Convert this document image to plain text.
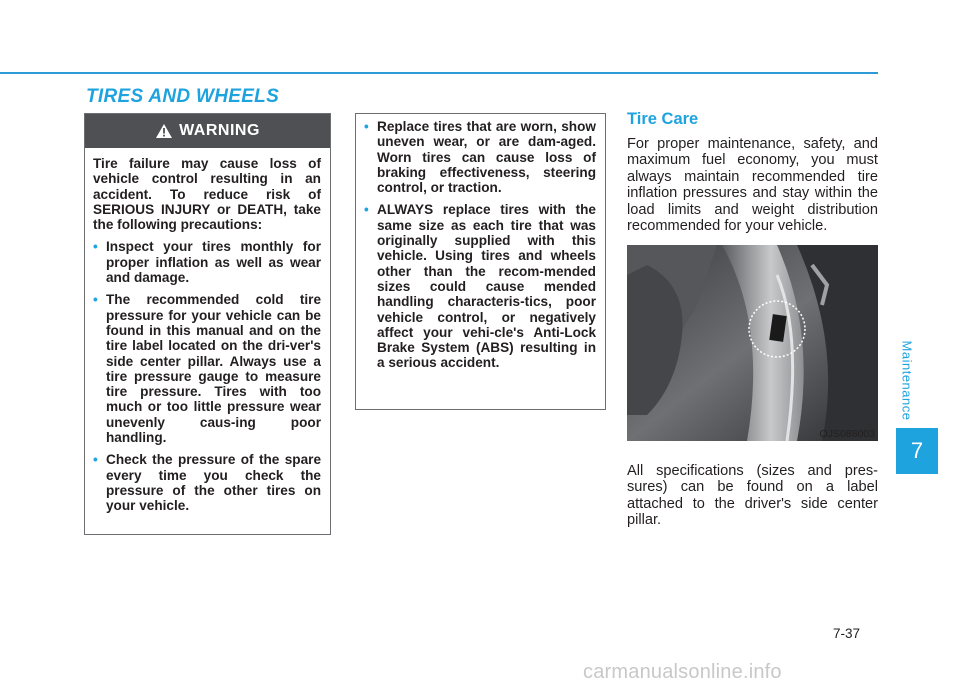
TIRES AND WHEELS
WARNING

Tire failure may cause loss of vehicle control resulting in an accident. To reduce risk of SERIOUS INJURY or DEATH, take the following precautions:

• Inspect your tires monthly for proper inflation as well as wear and damage.
• The recommended cold tire pressure for your vehicle can be found in this manual and on the tire label located on the dri-ver's side center pillar. Always use a tire pressure gauge to measure tire pressure. Tires with too much or too little pressure wear unevenly caus-ing poor handling.
• Check the pressure of the spare every time you check the pressure of the other tires on your vehicle.
• Replace tires that are worn, show uneven wear, or are dam-aged. Worn tires can cause loss of braking effectiveness, steering control, or traction.
• ALWAYS replace tires with the same size as each tire that was originally supplied with this vehicle. Using tires and wheels other than the recom-mended sizes could cause mended handling characteris-tics, poor vehicle control, or negatively affect your vehi-cle's Anti-Lock Brake System (ABS) resulting in a serious accident.
Tire Care

For proper maintenance, safety, and maximum fuel economy, you must always maintain recommended tire inflation pressures and stay within the load limits and weight distribution recommended for your vehicle.

OJS088003

All specifications (sizes and pres-sures) can be found on a label attached to the driver's side center pillar.

Maintenance
7
7-37
carmanualsonline.info
